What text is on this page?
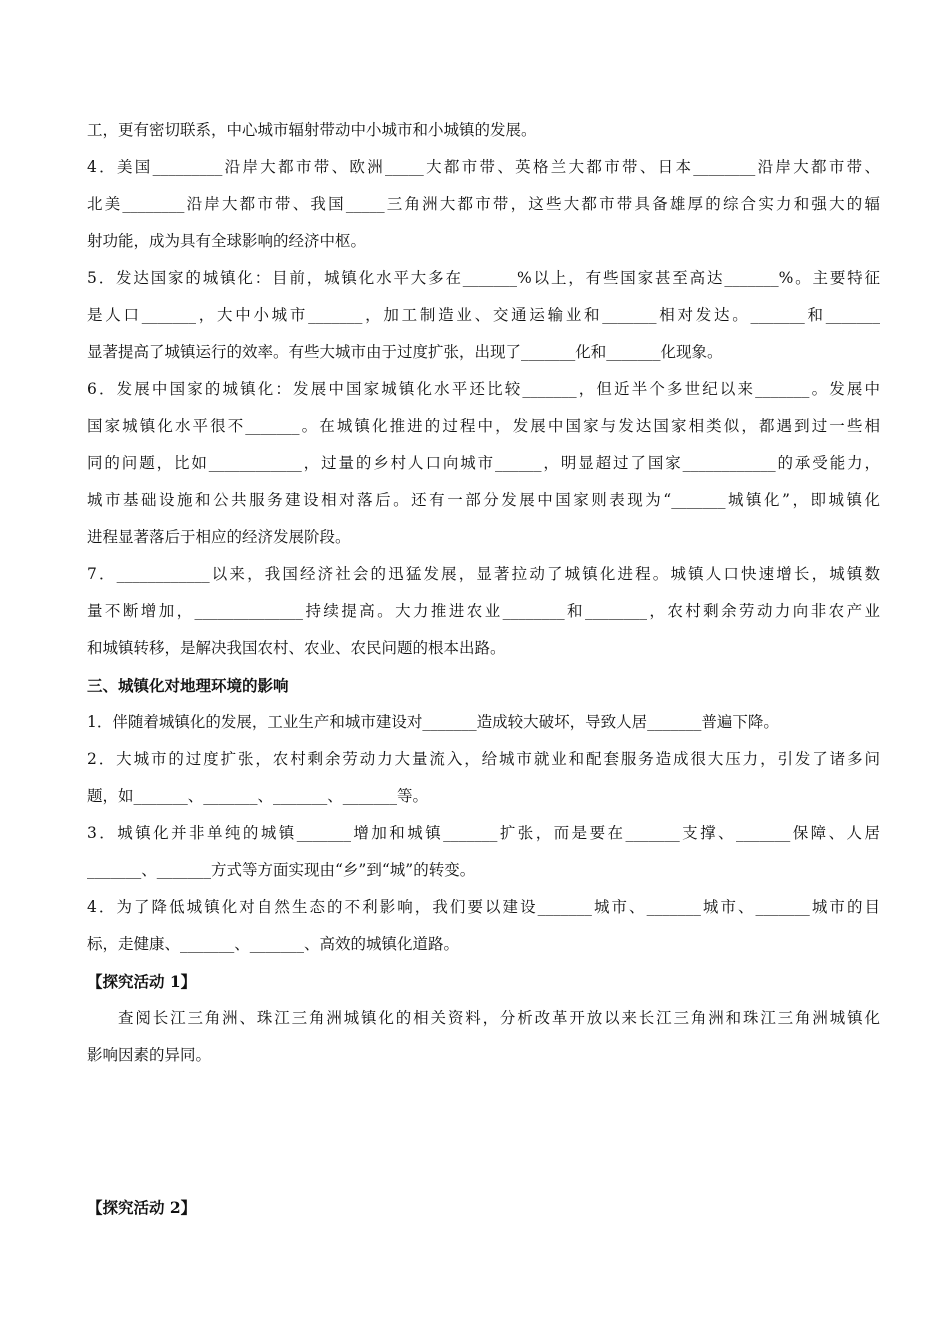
工，更有密切联系，中心城市辐射带动中小城市和小城镇的发展。
4．美国_________沿岸大都市带、欧洲_____大都市带、英格兰大都市带、日本________沿岸大都市带、
北美________沿岸大都市带、我国_____三角洲大都市带，这些大都市带具备雄厚的综合实力和强大的辐
射功能，成为具有全球影响的经济中枢。
5．发达国家的城镇化：目前，城镇化水平大多在_______%以上，有些国家甚至高达_______%。主要特征
是人口_______，大中小城市_______，加工制造业、交通运输业和_______相对发达。_______和_______
显著提高了城镇运行的效率。有些大城市由于过度扩张，出现了_______化和_______化现象。
6．发展中国家的城镇化：发展中国家城镇化水平还比较_______，但近半个多世纪以来_______。发展中
国家城镇化水平很不_______。在城镇化推进的过程中，发展中国家与发达国家相类似，都遇到过一些相
同的问题，比如____________，过量的乡村人口向城市______，明显超过了国家____________的承受能力，
城市基础设施和公共服务建设相对落后。还有一部分发展中国家则表现为“_______城镇化”，即城镇化
进程显著落后于相应的经济发展阶段。
7．____________以来，我国经济社会的迅猛发展，显著拉动了城镇化进程。城镇人口快速增长，城镇数
量不断增加，______________持续提高。大力推进农业________和________，农村剩余劳动力向非农产业
和城镇转移，是解决我国农村、农业、农民问题的根本出路。
三、城镇化对地理环境的影响
1．伴随着城镇化的发展，工业生产和城市建设对_______造成较大破坏，导致人居_______普遍下降。
2．大城市的过度扩张，农村剩余劳动力大量流入，给城市就业和配套服务造成很大压力，引发了诸多问
题，如_______、_______、_______、_______等。
3．城镇化并非单纯的城镇_______增加和城镇_______扩张，而是要在_______支撑、_______保障、人居
_______、_______方式等方面实现由“乡”到“城”的转变。
4．为了降低城镇化对自然生态的不利影响，我们要以建设_______城市、_______城市、_______城市的目
标，走健康、_______、_______、高效的城镇化道路。
【探究活动 1】
查阅长江三角洲、珠江三角洲城镇化的相关资料，分析改革开放以来长江三角洲和珠江三角洲城镇化
影响因素的异同。
【探究活动 2】
